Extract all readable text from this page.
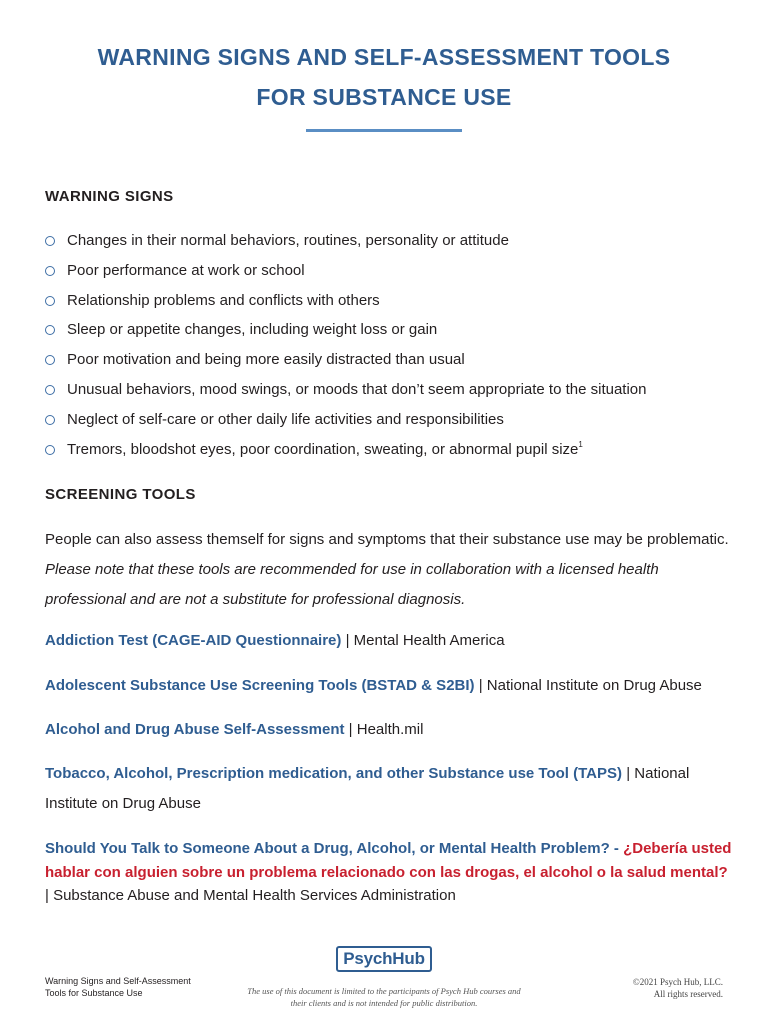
WARNING SIGNS AND SELF-ASSESSMENT TOOLS
FOR SUBSTANCE USE
WARNING SIGNS
Changes in their normal behaviors, routines, personality or attitude
Poor performance at work or school
Relationship problems and conflicts with others
Sleep or appetite changes, including weight loss or gain
Poor motivation and being more easily distracted than usual
Unusual behaviors, mood swings, or moods that don’t seem appropriate to the situation
Neglect of self-care or other daily life activities and responsibilities
Tremors, bloodshot eyes, poor coordination, sweating, or abnormal pupil size$^1$
SCREENING TOOLS

People can also assess themself for signs and symptoms that their substance use may be problematic. Please note that these tools are recommended for use in collaboration with a licensed health professional and are not a substitute for professional diagnosis.

Addiction Test (CAGE-AID Questionnaire) | Mental Health America

Adolescent Substance Use Screening Tools (BSTAD & S2BI) | National Institute on Drug Abuse

Alcohol and Drug Abuse Self-Assessment | Health.mil

Tobacco, Alcohol, Prescription medication, and other Substance use Tool (TAPS) | National Institute on Drug Abuse

Should You Talk to Someone About a Drug, Alcohol, or Mental Health Problem? - ¿Debería usted hablar con alguien sobre un problema relacionado con las drogas, el alcohol o la salud mental? | Substance Abuse and Mental Health Services Administration

PsychHub
Warning Signs and Self-Assessment
Tools for Substance Use	The use of this document is limited to the participants of Psych Hub courses and
their clients and is not intended for public distribution.
©2021 Psych Hub, LLC.
All rights reserved.
